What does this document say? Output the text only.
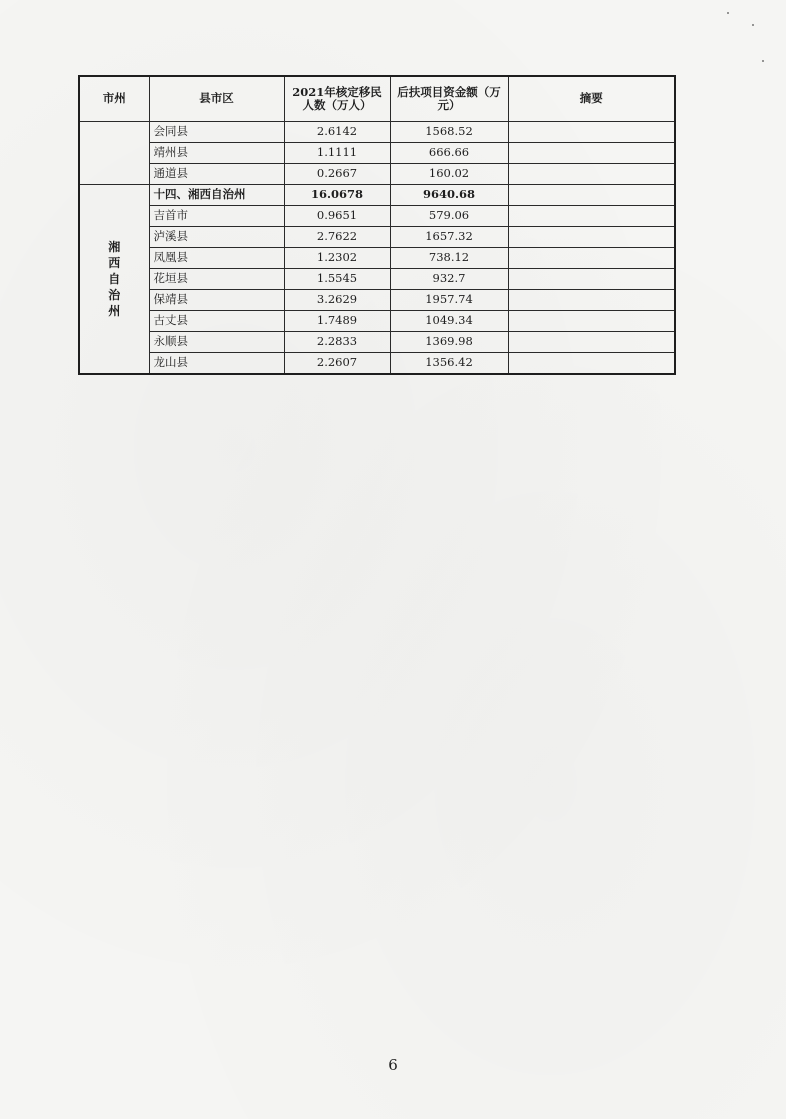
市州	县市区	2021年核定移民人数（万人）	后扶项目资金额（万元）	摘要
	会同县	2.6142	1568.52	
	靖州县	1.1111	666.66	
	通道县	0.2667	160.02	

湘西自治州	十四、湘西自治州	16.0678	9640.68	
	吉首市	0.9651	579.06	
	泸溪县	2.7622	1657.32	
	凤凰县	1.2302	738.12	
	花垣县	1.5545	932.7	
	保靖县	3.2629	1957.74	
	古丈县	1.7489	1049.34	
	永顺县	2.2833	1369.98	
	龙山县	2.2607	1356.42	
6
